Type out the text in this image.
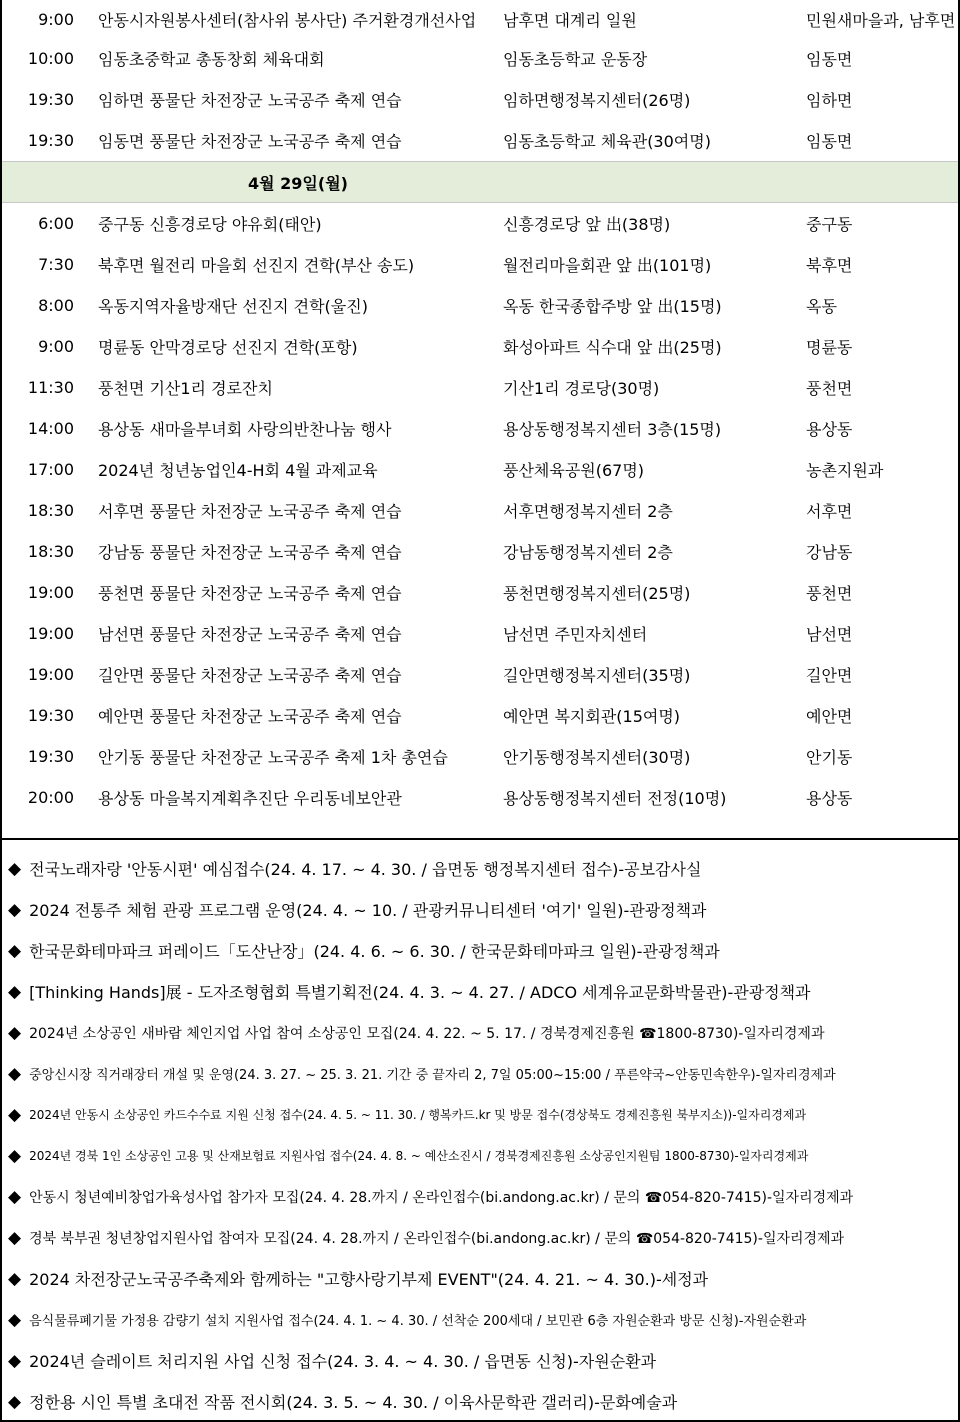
9:00	안동시자원봉사센터(참사위 봉사단) 주거환경개선사업	남후면 대계리 일원	민원새마을과, 남후면
10:00	임동초중학교 총동창회 체육대회	임동초등학교 운동장	임동면
19:30	임하면 풍물단 차전장군 노국공주 축제 연습	임하면행정복지센터(26명)	임하면
19:30	임동면 풍물단 차전장군 노국공주 축제 연습	임동초등학교 체육관(30여명)	임동면
4월 29일(월)			
6:00	중구동 신흥경로당 야유회(태안)	신흥경로당 앞 出(38명)	중구동
7:30	북후면 월전리 마을회 선진지 견학(부산 송도)	월전리마을회관 앞 出(101명)	북후면
8:00	옥동지역자율방재단 선진지 견학(울진)	옥동 한국종합주방 앞 出(15명)	옥동
9:00	명륜동 안막경로당 선진지 견학(포항)	화성아파트 식수대 앞 出(25명)	명륜동
11:30	풍천면 기산1리 경로잔치	기산1리 경로당(30명)	풍천면
14:00	용상동 새마을부녀회 사랑의반찬나눔 행사	용상동행정복지센터 3층(15명)	용상동
17:00	2024년 청년농업인4-H회 4월 과제교육	풍산체육공원(67명)	농촌지원과
18:30	서후면 풍물단 차전장군 노국공주 축제 연습	서후면행정복지센터 2층	서후면
18:30	강남동 풍물단 차전장군 노국공주 축제 연습	강남동행정복지센터 2층	강남동
19:00	풍천면 풍물단 차전장군 노국공주 축제 연습	풍천면행정복지센터(25명)	풍천면
19:00	남선면 풍물단 차전장군 노국공주 축제 연습	남선면 주민자치센터	남선면
19:00	길안면 풍물단 차전장군 노국공주 축제 연습	길안면행정복지센터(35명)	길안면
19:30	예안면 풍물단 차전장군 노국공주 축제 연습	예안면 복지회관(15여명)	예안면
19:30	안기동 풍물단 차전장군 노국공주 축제 1차 총연습	안기동행정복지센터(30명)	안기동
20:00	용상동 마을복지계획추진단 우리동네보안관	용상동행정복지센터 전정(10명)	용상동
◆ 전국노래자랑 '안동시편' 예심접수(24. 4. 17. ~ 4. 30. / 읍면동 행정복지센터 접수)-공보감사실
◆ 2024 전통주 체험 관광 프로그램 운영(24. 4. ~ 10. / 관광커뮤니티센터 '여기' 일원)-관광정책과
◆ 한국문화테마파크 퍼레이드「도산난장」(24. 4. 6. ~ 6. 30. / 한국문화테마파크 일원)-관광정책과
◆ [Thinking Hands]展 - 도자조형협회 특별기획전(24. 4. 3. ~ 4. 27. / ADCO 세계유교문화박물관)-관광정책과
◆ 2024년 소상공인 새바람 체인지업 사업 참여 소상공인 모집(24. 4. 22. ~ 5. 17. / 경북경제진흥원 ☎1800-8730)-일자리경제과
◆ 중앙신시장 직거래장터 개설 및 운영(24. 3. 27. ~ 25. 3. 21. 기간 중 끝자리 2, 7일 05:00~15:00 / 푸른약국~안동민속한우)-일자리경제과
◆ 2024년 안동시 소상공인 카드수수료 지원 신청 접수(24. 4. 5. ~ 11. 30. / 행복카드.kr 및 방문 접수(경상북도 경제진흥원 북부지소))-일자리경제과
◆ 2024년 경북 1인 소상공인 고용 및 산재보험료 지원사업 접수(24. 4. 8. ~ 예산소진시 / 경북경제진흥원 소상공인지원팀 1800-8730)-일자리경제과
◆ 안동시 청년예비창업가육성사업 참가자 모집(24. 4. 28.까지 / 온라인접수(bi.andong.ac.kr) / 문의 ☎054-820-7415)-일자리경제과
◆ 경북 북부권 청년창업지원사업 참여자 모집(24. 4. 28.까지 / 온라인접수(bi.andong.ac.kr) / 문의 ☎054-820-7415)-일자리경제과
◆ 2024 차전장군노국공주축제와 함께하는 "고향사랑기부제 EVENT"(24. 4. 21. ~ 4. 30.)-세정과
◆ 음식물류폐기물 가정용 감량기 설치 지원사업 접수(24. 4. 1. ~ 4. 30. / 선착순 200세대 / 보민관 6층 자원순환과 방문 신청)-자원순환과
◆ 2024년 슬레이트 처리지원 사업 신청 접수(24. 3. 4. ~ 4. 30. / 읍면동 신청)-자원순환과
◆ 정한용 시인 특별 초대전 작품 전시회(24. 3. 5. ~ 4. 30. / 이육사문학관 갤러리)-문화예술과
